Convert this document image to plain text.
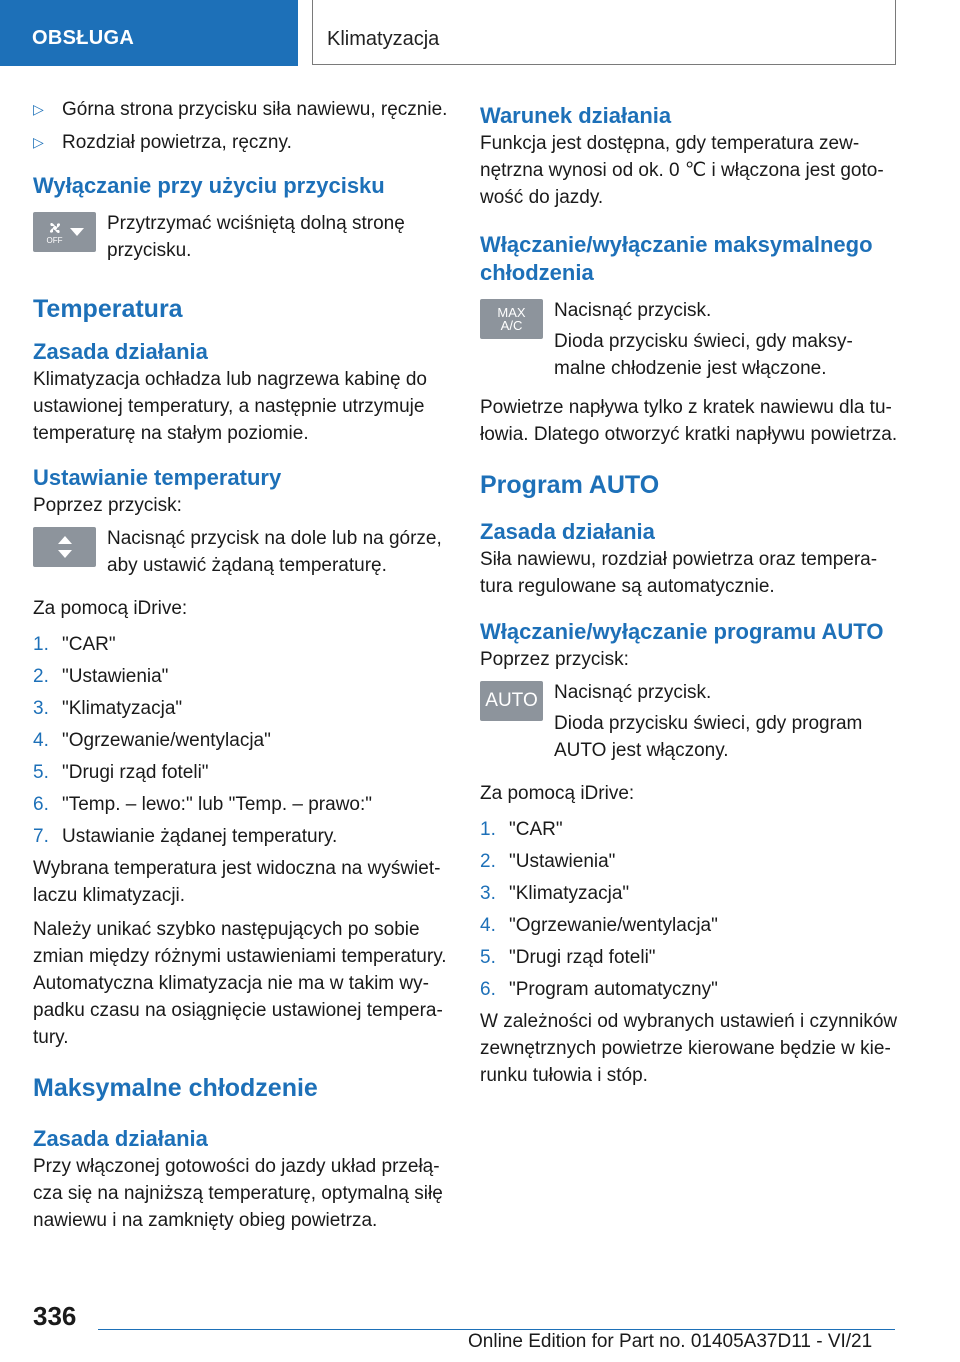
OBSŁUGA	Klimatyzacja
▷ Górna strona przycisku siła nawiewu, ręcznie.
▷ Rozdział powietrza, ręczny.
Wyłączanie przy użyciu przycisku
OFF

Przytrzymać wciśniętą dolną stronę przycisku.

Temperatura
Zasada działania

Klimatyzacja ochładza lub nagrzewa kabinę do ustawionej temperatury, a następnie utrzymuje temperaturę na stałym poziomie.

Ustawianie temperatury

Poprzez przycisk:

Nacisnąć przycisk na dole lub na górze, aby ustawić żądaną temperaturę.

Za pomocą iDrive:

1. "CAR"
2. "Ustawienia"
3. "Klimatyzacja"
4. "Ogrzewanie/wentylacja"
5. "Drugi rząd foteli"
6. "Temp. – lewo:" lub "Temp. – prawo:"
7. Ustawianie żądanej temperatury.

Wybrana temperatura jest widoczna na wyświetlaczu klimatyzacji.

Należy unikać szybko następujących po sobie zmian między różnymi ustawieniami temperatury. Automatyczna klimatyzacja nie ma w takim wypadku czasu na osiągnięcie ustawionej temperatury.

Maksymalne chłodzenie
Zasada działania

Przy włączonej gotowości do jazdy układ przełącza się na najniższą temperaturę, optymalną siłę nawiewu i na zamknięty obieg powietrza.

Warunek działania

Funkcja jest dostępna, gdy temperatura zewnętrzna wynosi od ok. 0 ℃ i włączona jest gotowość do jazdy.

Włączanie/wyłączanie maksymalnego chłodzenia
MAX
A/C

Nacisnąć przycisk.

Dioda przycisku świeci, gdy maksymalne chłodzenie jest włączone.

Powietrze napływa tylko z kratek nawiewu dla tułowia. Dlatego otworzyć kratki napływu powietrza.

Program AUTO
Zasada działania

Siła nawiewu, rozdział powietrza oraz temperatura regulowane są automatycznie.

Włączanie/wyłączanie programu AUTO

Poprzez przycisk:

AUTO Nacisnąć przycisk.

Dioda przycisku świeci, gdy program AUTO jest włączony.

Za pomocą iDrive:

1. "CAR"
2. "Ustawienia"
3. "Klimatyzacja"
4. "Ogrzewanie/wentylacja"
5. "Drugi rząd foteli"
6. "Program automatyczny"

W zależności od wybranych ustawień i czynników zewnętrznych powietrze kierowane będzie w kierunku tułowia i stóp.

336
Online Edition for Part no. 01405A37D11 - VI/21
